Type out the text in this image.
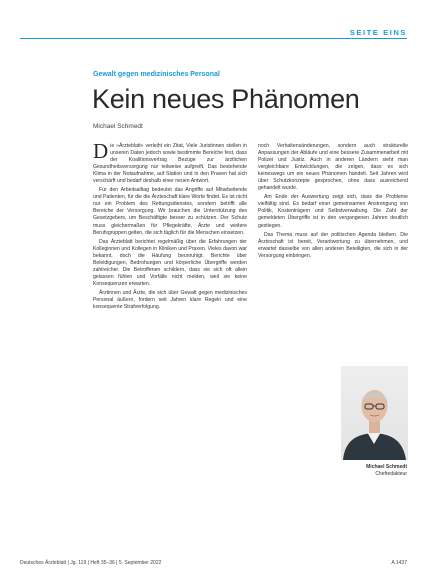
SEITE EINS
Gewalt gegen medizinisches Personal
Kein neues Phänomen
Michael Schmedt

Die »Ärzteblatt« verleiht ein Zitat, Viele Juristinnen stellen in unseren Daten jedoch sowie bestimmte Bereiche fest, dass der Koalitionsvertrag Bezüge zur ärztlichen Gesundheitsversorgung nur teilweise aufgreift. Das bestehende Klima in der Notaufnahme, auf Station und in den Praxen hat sich verschärft und bedarf deshalb einer neuen Antwort.

Für den Arbeitsalltag bedeutet das Angriffe auf Mitarbeitende und Patienten, für die die Ärzteschaft klare Worte findet. Es ist nicht nur ein Problem des Rettungsdienstes, sondern betrifft alle Bereiche der Versorgung. Wir brauchen die Unterstützung des Gesetzgebers, um Beschäftigte besser zu schützen. Der Schutz muss gleichermaßen für Pflegekräfte, Ärzte und weitere Berufsgruppen gelten, die sich täglich für die Menschen einsetzen.

Das Ärzteblatt berichtet regelmäßig über die Erfahrungen der Kolleginnen und Kollegen in Kliniken und Praxen. Vieles davon war bekannt, doch die Häufung beunruhigt. Berichte über Beleidigungen, Bedrohungen und körperliche Übergriffe werden zahlreicher. Die Betroffenen schildern, dass sie sich oft allein gelassen fühlen und Vorfälle nicht melden, weil sie keine Konsequenzen erwarten.

Ärztinnen und Ärzte, die sich über Gewalt gegen medizinisches Personal äußern, fordern seit Jahren klare Regeln und eine konsequente Strafverfolgung.

noch Verhaltensänderungen, sondern auch strukturelle Anpassungen der Abläufe und eine bessere Zusammenarbeit mit Polizei und Justiz. Auch in anderen Ländern sieht man vergleichbare Entwicklungen, die zeigen, dass es sich keineswegs um ein neues Phänomen handelt. Seit Jahren wird über Schutzkonzepte gesprochen, ohne dass ausreichend gehandelt wurde.

Am Ende der Auswertung zeigt sich, dass die Probleme vielfältig sind. Es bedarf einer gemeinsamen Anstrengung von Politik, Kostenträgern und Selbstverwaltung. Die Zahl der gemeldeten Übergriffe ist in den vergangenen Jahren deutlich gestiegen.

Das Thema muss auf der politischen Agenda bleiben. Die Ärzteschaft ist bereit, Verantwortung zu übernehmen, und erwartet dasselbe von allen anderen Beteiligten, die sich in der Versorgung einbringen.

Michael Schmedt
Chefredakteur
Deutsches Ärzteblatt | Jg. 119 | Heft 35–36 | 5. September 2022	A 1437
